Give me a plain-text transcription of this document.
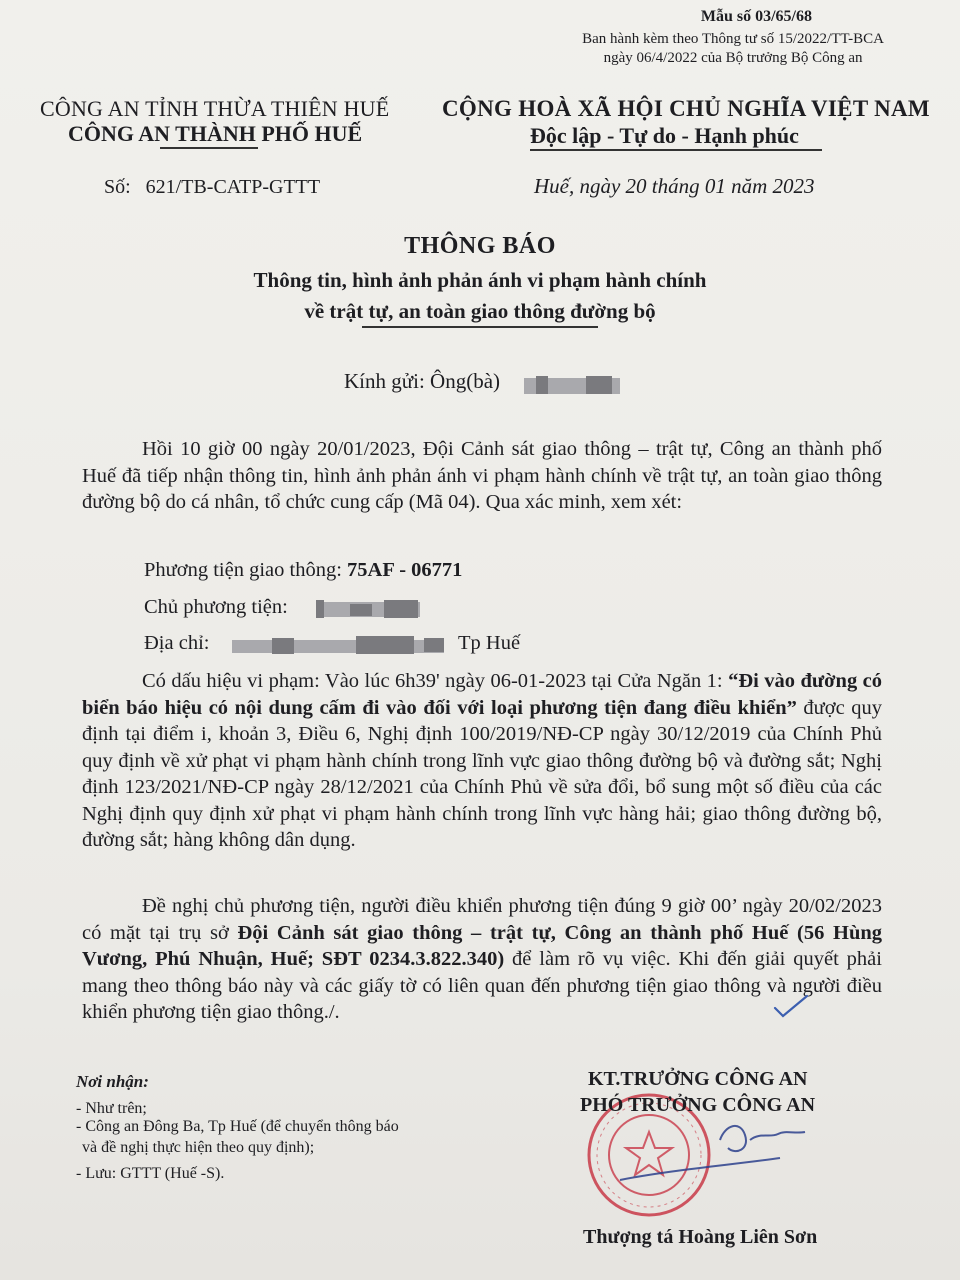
Mẫu số 03/65/68
Ban hành kèm theo Thông tư số 15/2022/TT-BCA
ngày 06/4/2022 của Bộ trưởng Bộ Công an
CÔNG AN TỈNH THỪA THIÊN HUẾ
CÔNG AN THÀNH PHỐ HUẾ
CỘNG HOÀ XÃ HỘI CHỦ NGHĨA VIỆT NAM
Độc lập - Tự do - Hạnh phúc
Số:   621/TB-CATP-GTTT	Huế, ngày 20 tháng 01 năm 2023
THÔNG BÁO
Thông tin, hình ảnh phản ánh vi phạm hành chính
về trật tự, an toàn giao thông đường bộ
Kính gửi: Ông(bà)

Hồi 10 giờ 00 ngày 20/01/2023, Đội Cảnh sát giao thông – trật tự, Công an thành phố Huế đã tiếp nhận thông tin, hình ảnh phản ánh vi phạm hành chính về trật tự, an toàn giao thông đường bộ do cá nhân, tổ chức cung cấp (Mã 04). Qua xác minh, xem xét:

Phương tiện giao thông: 75AF - 06771
Chủ phương tiện:
Địa chỉ:	Tp Huế

Có dấu hiệu vi phạm: Vào lúc 6h39' ngày 06-01-2023 tại Cửa Ngăn 1: “Đi vào đường có biển báo hiệu có nội dung cấm đi vào đối với loại phương tiện đang điều khiển” được quy định tại điểm i, khoản 3, Điều 6, Nghị định 100/2019/NĐ-CP ngày 30/12/2019 của Chính Phủ quy định về xử phạt vi phạm hành chính trong lĩnh vực giao thông đường bộ và đường sắt; Nghị định 123/2021/NĐ-CP ngày 28/12/2021 của Chính Phủ về sửa đổi, bổ sung một số điều của các Nghị định quy định xử phạt vi phạm hành chính trong lĩnh vực hàng hải; giao thông đường bộ, đường sắt; hàng không dân dụng.

Đề nghị chủ phương tiện, người điều khiển phương tiện đúng 9 giờ 00’ ngày 20/02/2023 có mặt tại trụ sở Đội Cảnh sát giao thông – trật tự, Công an thành phố Huế (56 Hùng Vương, Phú Nhuận, Huế; SĐT 0234.3.822.340) để làm rõ vụ việc. Khi đến giải quyết phải mang theo thông báo này và các giấy tờ có liên quan đến phương tiện giao thông và người điều khiển phương tiện giao thông./.

Nơi nhận:
- Như trên;
- Công an Đông Ba, Tp Huế (để chuyển thông báo
và đề nghị thực hiện theo quy định);
- Lưu: GTTT (Huế -S).
KT.TRƯỞNG CÔNG AN
PHÓ TRƯỞNG CÔNG AN
Thượng tá Hoàng Liên Sơn
